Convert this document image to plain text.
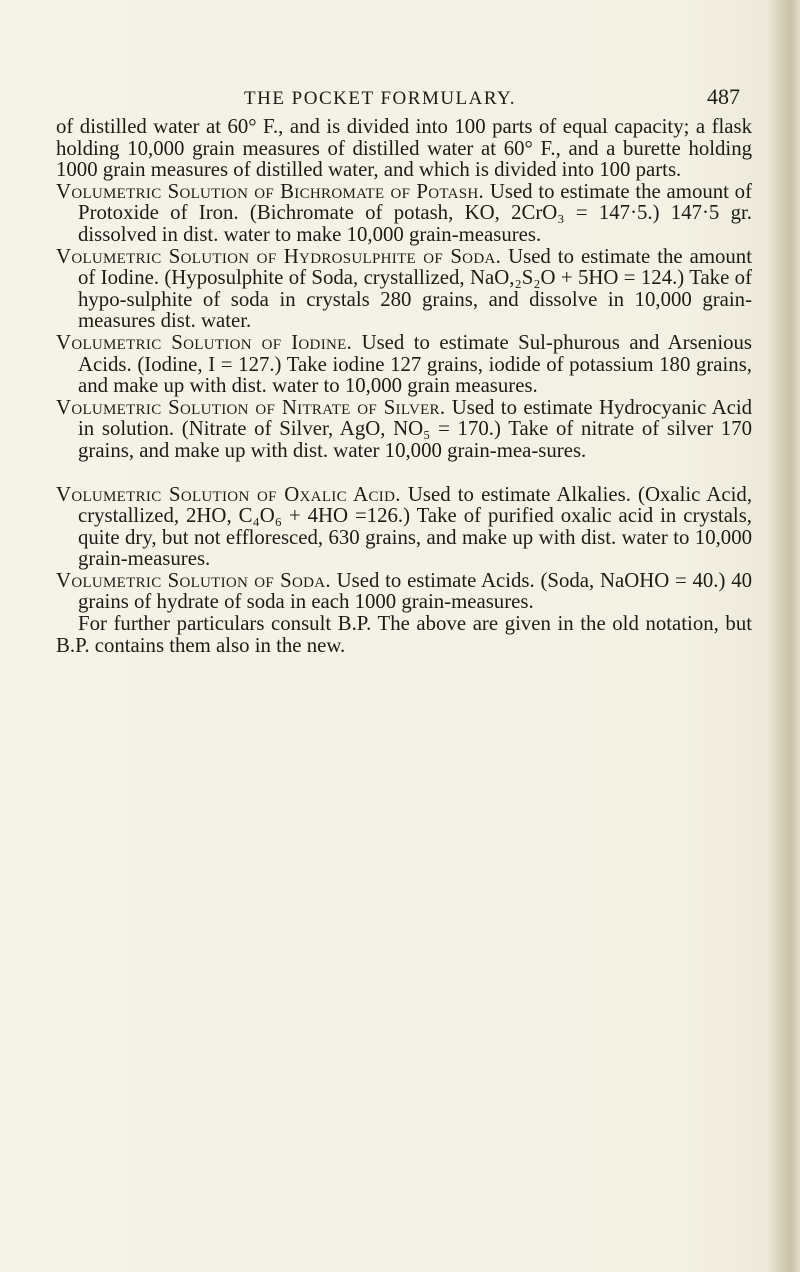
THE POCKET FORMULARY.	487

of distilled water at 60° F., and is divided into 100 parts of equal capacity; a flask holding 10,000 grain measures of distilled water at 60° F., and a burette holding 1000 grain measures of distilled water, and which is divided into 100 parts.

Volumetric Solution of Bichromate of Potash. Used to estimate the amount of Protoxide of Iron. (Bichromate of potash, KO, 2CrO₃ = 147·5.) 147·5 gr. dissolved in dist. water to make 10,000 grain-measures.

Volumetric Solution of Hydrosulphite of Soda. Used to estimate the amount of Iodine. (Hyposulphite of Soda, crystallized, NaO,₂S₂O + 5HO = 124.) Take of hypo-sulphite of soda in crystals 280 grains, and dissolve in 10,000 grain-measures dist. water.

Volumetric Solution of Iodine. Used to estimate Sul-phurous and Arsenious Acids. (Iodine, I = 127.) Take iodine 127 grains, iodide of potassium 180 grains, and make up with dist. water to 10,000 grain measures.

Volumetric Solution of Nitrate of Silver. Used to estimate Hydrocyanic Acid in solution. (Nitrate of Silver, AgO, NO₅ = 170.) Take of nitrate of silver 170 grains, and make up with dist. water 10,000 grain-mea-sures.

Volumetric Solution of Oxalic Acid. Used to estimate Alkalies. (Oxalic Acid, crystallized, 2HO, C₄O₆ + 4HO =126.) Take of purified oxalic acid in crystals, quite dry, but not effloresced, 630 grains, and make up with dist. water to 10,000 grain-measures.

Volumetric Solution of Soda. Used to estimate Acids. (Soda, NaOHO = 40.) 40 grains of hydrate of soda in each 1000 grain-measures.

For further particulars consult B.P. The above are given in the old notation, but B.P. contains them also in the new.
